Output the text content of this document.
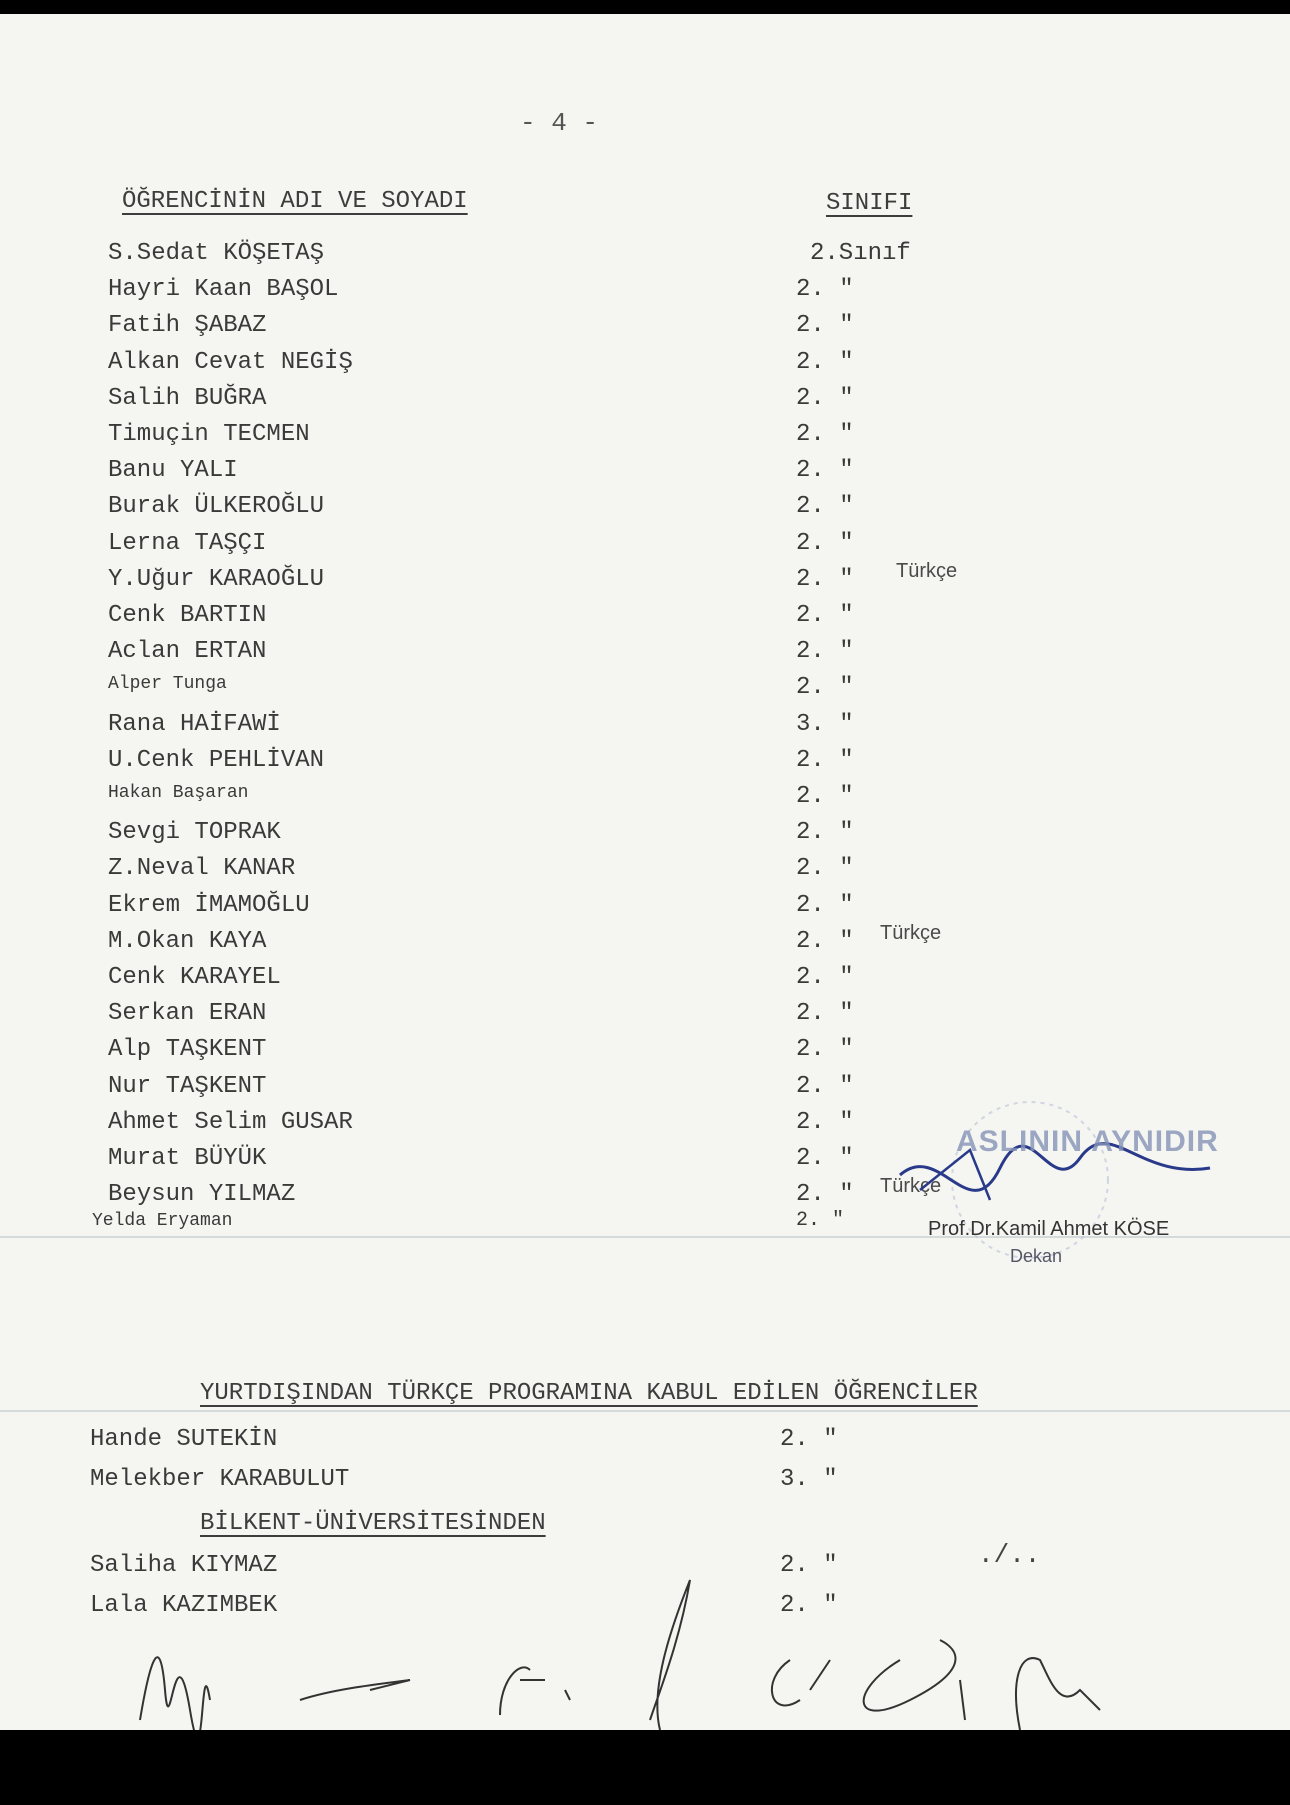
- 4 -
ÖĞRENCİNİN ADI VE SOYADI	SINIFI
S.Sedat KÖŞETAŞ	2.Sınıf
Hayri Kaan BAŞOL	2. "
Fatih ŞABAZ	2. "
Alkan Cevat NEGİŞ	2. "
Salih BUĞRA	2. "
Timuçin TECMEN	2. "
Banu YALI	2. "
Burak ÜLKEROĞLU	2. "
Lerna TAŞÇI	2. "
Y.Uğur KARAOĞLU	2. " Türkçe
Cenk BARTIN	2. "
Aclan ERTAN	2. "
Alper Tunga	2. "
Rana HAİFAWİ	3. "
U.Cenk PEHLİVAN	2. "
Hakan Başaran	2. "
Sevgi TOPRAK	2. "
Z.Neval KANAR	2. "
Ekrem İMAMOĞLU	2. "
M.Okan KAYA	2. " Türkçe
Cenk KARAYEL	2. "
Serkan ERAN	2. "
Alp TAŞKENT	2. "
Nur TAŞKENT	2. "
Ahmet Selim GUSAR	2. "
Murat BÜYÜK	2. "
Beysun YILMAZ	2. " Türkçe
Yelda Eryaman	2. "
YURTDIŞINDAN TÜRKÇE PROGRAMINA KABUL EDİLEN ÖĞRENCİLER
Hande SUTEKİN	2. "
Melekber KARABULUT	3. "
BİLKENT-ÜNİVERSİTESİNDEN
Saliha KIYMAZ	2. "
Lala KAZIMBEK	2. "
ASLININ AYNIDIR
Prof.Dr.Kamil Ahmet KÖSE
Dekan
./..
